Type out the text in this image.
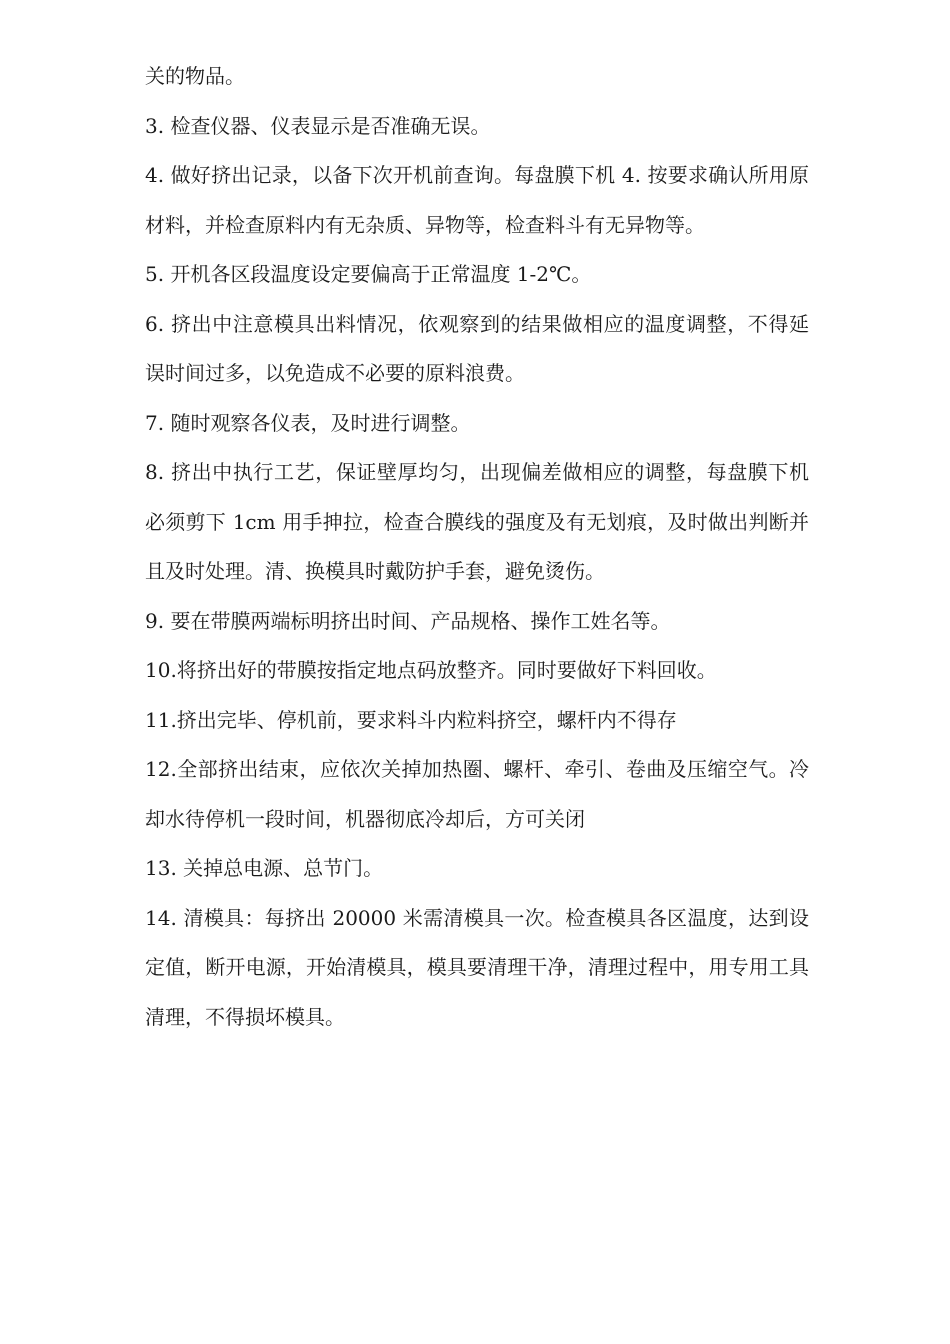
关的物品。

3. 检查仪器、仪表显示是否准确无误。

4. 做好挤出记录，以备下次开机前查询。每盘膜下机 4. 按要求确认所用原材料，并检查原料内有无杂质、异物等，检查料斗有无异物等。

5. 开机各区段温度设定要偏高于正常温度 1-2℃。

6. 挤出中注意模具出料情况，依观察到的结果做相应的温度调整，不得延误时间过多，以免造成不必要的原料浪费。

7. 随时观察各仪表，及时进行调整。

8. 挤出中执行工艺，保证壁厚均匀，出现偏差做相应的调整，每盘膜下机必须剪下 1cm 用手抻拉，检查合膜线的强度及有无划痕，及时做出判断并且及时处理。清、换模具时戴防护手套，避免烫伤。

9. 要在带膜两端标明挤出时间、产品规格、操作工姓名等。

10.将挤出好的带膜按指定地点码放整齐。同时要做好下料回收。

11.挤出完毕、停机前，要求料斗内粒料挤空，螺杆内不得存

12.全部挤出结束，应依次关掉加热圈、螺杆、牵引、卷曲及压缩空气。冷却水待停机一段时间，机器彻底冷却后，方可关闭

13. 关掉总电源、总节门。

14. 清模具：每挤出 20000 米需清模具一次。检查模具各区温度，达到设定值，断开电源，开始清模具，模具要清理干净，清理过程中，用专用工具清理，不得损坏模具。
